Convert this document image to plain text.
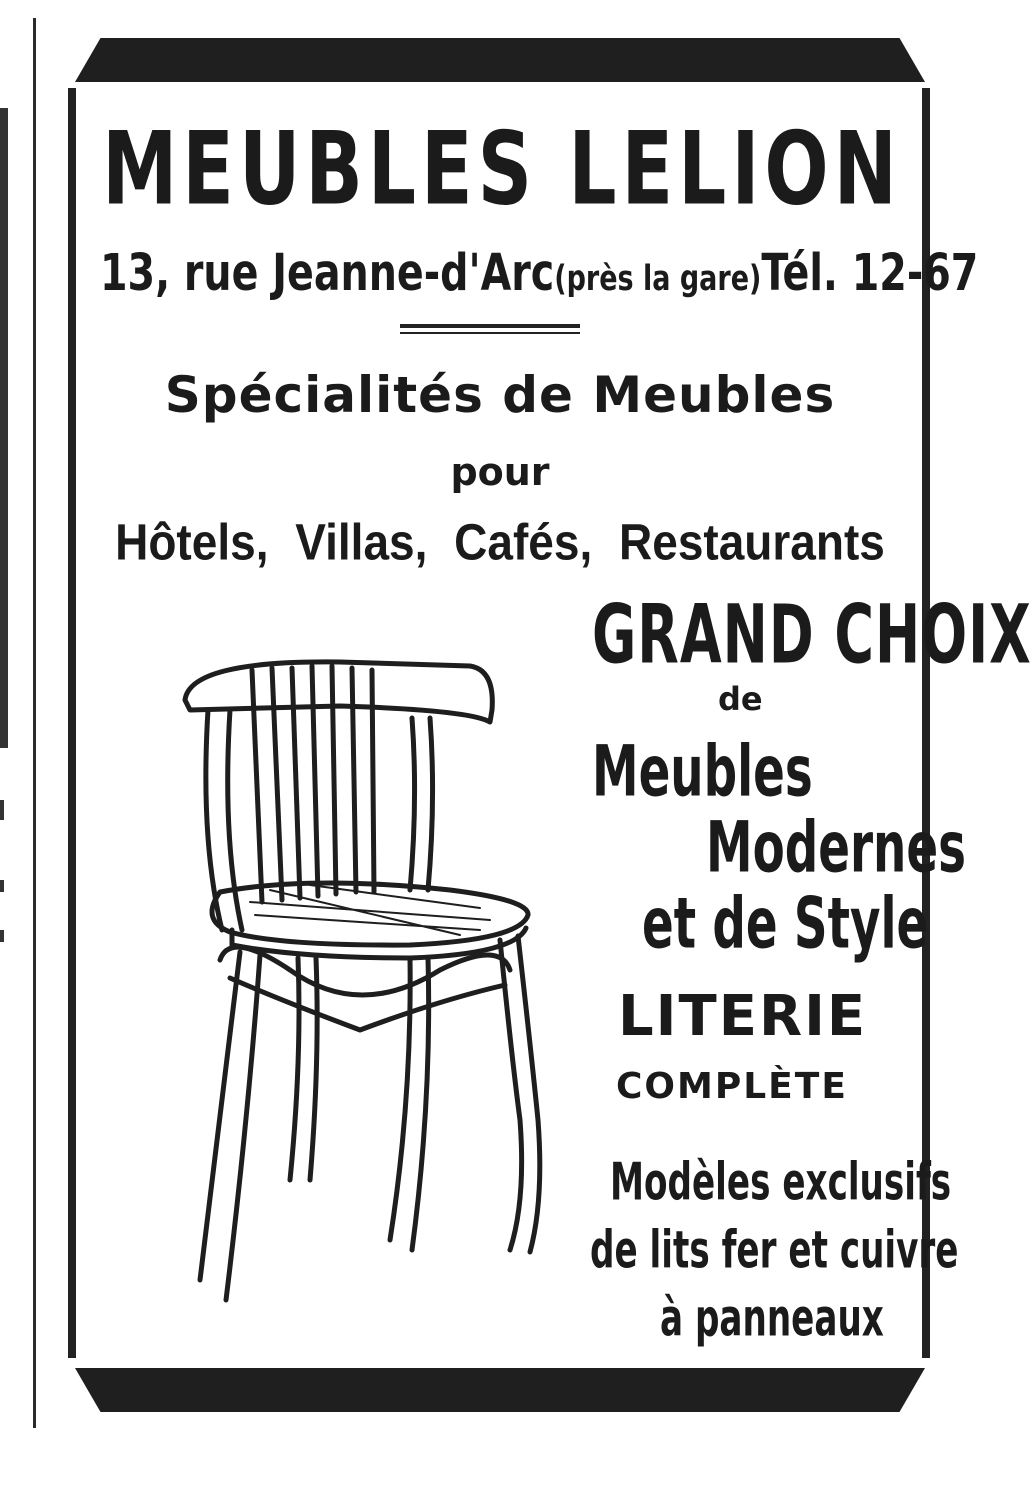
MEUBLES LELION
13, rue Jeanne-d'Arc(près la gare) Tél. 12-67
Spécialités de Meubles
pour
Hôtels, Villas, Cafés, Restaurants
GRAND CHOIX
de
Meubles
Modernes
et de Style
LITERIE
COMPLÈTE
Modèles exclusifs
de lits fer et cuivre
à panneaux
